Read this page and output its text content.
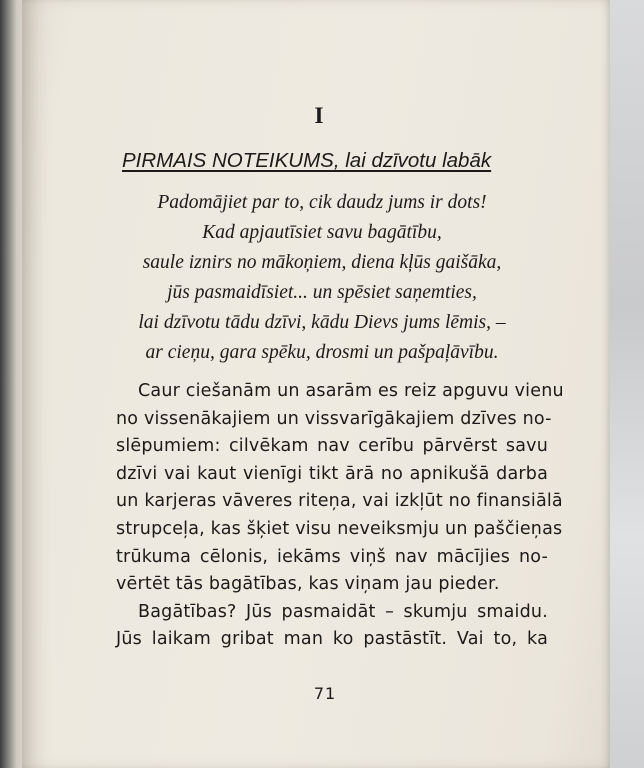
I
PIRMAIS NOTEIKUMS, lai dzīvotu labāk
Padomājiet par to, cik daudz jums ir dots!
Kad apjautīsiet savu bagātību,
saule iznirs no mākoņiem, diena kļūs gaišāka,
jūs pasmaidīsiet... un spēsiet saņemties,
lai dzīvotu tādu dzīvi, kādu Dievs jums lēmis, –
ar cieņu, gara spēku, drosmi un pašpaļāvību.
Caur ciešanām un asarām es reiz apguvu vienu
no vissenākajiem un vissvarīgākajiem dzīves no-
slēpumiem: cilvēkam nav cerību pārvērst savu
dzīvi vai kaut vienīgi tikt ārā no apnikušā darba
un karjeras vāveres riteņa, vai izkļūt no finansiālā
strupceļa, kas šķiet visu neveiksmju un paščieņas
trūkuma cēlonis, iekāms viņš nav mācījies no-
vērtēt tās bagātības, kas viņam jau pieder.
Bagātības? Jūs pasmaidāt – skumju smaidu.
Jūs laikam gribat man ko pastāstīt. Vai to, ka
71
